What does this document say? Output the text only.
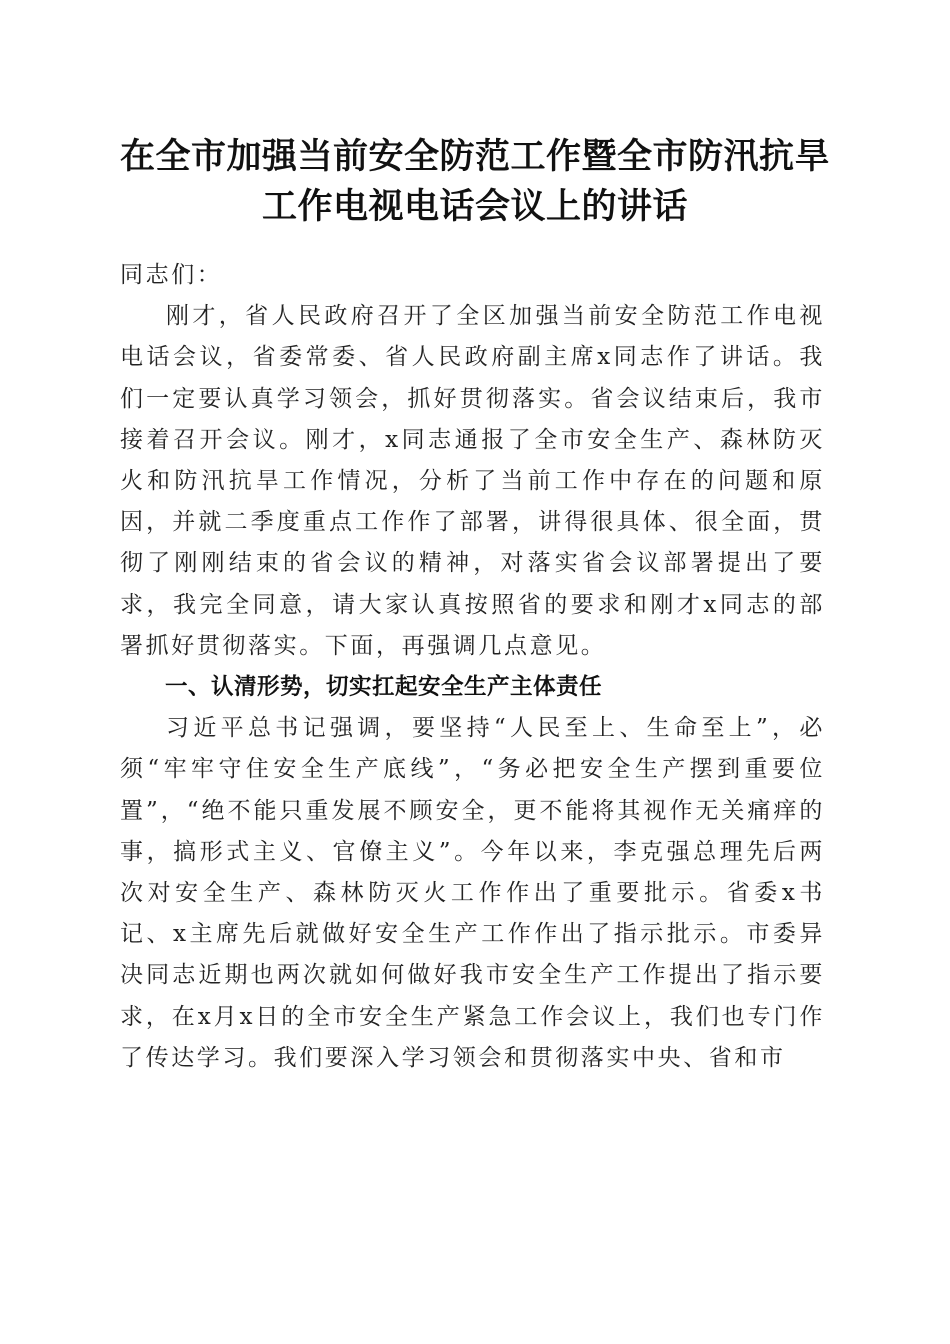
在全市加强当前安全防范工作暨全市防汛抗旱
工作电视电话会议上的讲话

同志们：

刚才，省人民政府召开了全区加强当前安全防范工作电视电话会议，省委常委、省人民政府副主席x同志作了讲话。我们一定要认真学习领会，抓好贯彻落实。省会议结束后，我市接着召开会议。刚才，x同志通报了全市安全生产、森林防灭火和防汛抗旱工作情况，分析了当前工作中存在的问题和原因，并就二季度重点工作作了部署，讲得很具体、很全面，贯彻了刚刚结束的省会议的精神，对落实省会议部署提出了要求，我完全同意，请大家认真按照省的要求和刚才x同志的部署抓好贯彻落实。下面，再强调几点意见。

一、认清形势，切实扛起安全生产主体责任

习近平总书记强调，要坚持“人民至上、生命至上”，必须“牢牢守住安全生产底线”，“务必把安全生产摆到重要位置”，“绝不能只重发展不顾安全，更不能将其视作无关痛痒的事，搞形式主义、官僚主义”。今年以来，李克强总理先后两次对安全生产、森林防灭火工作作出了重要批示。省委x书记、x主席先后就做好安全生产工作作出了指示批示。市委异决同志近期也两次就如何做好我市安全生产工作提出了指示要求，在x月x日的全市安全生产紧急工作会议上，我们也专门作了传达学习。我们要深入学习领会和贯彻落实中央、省和市
